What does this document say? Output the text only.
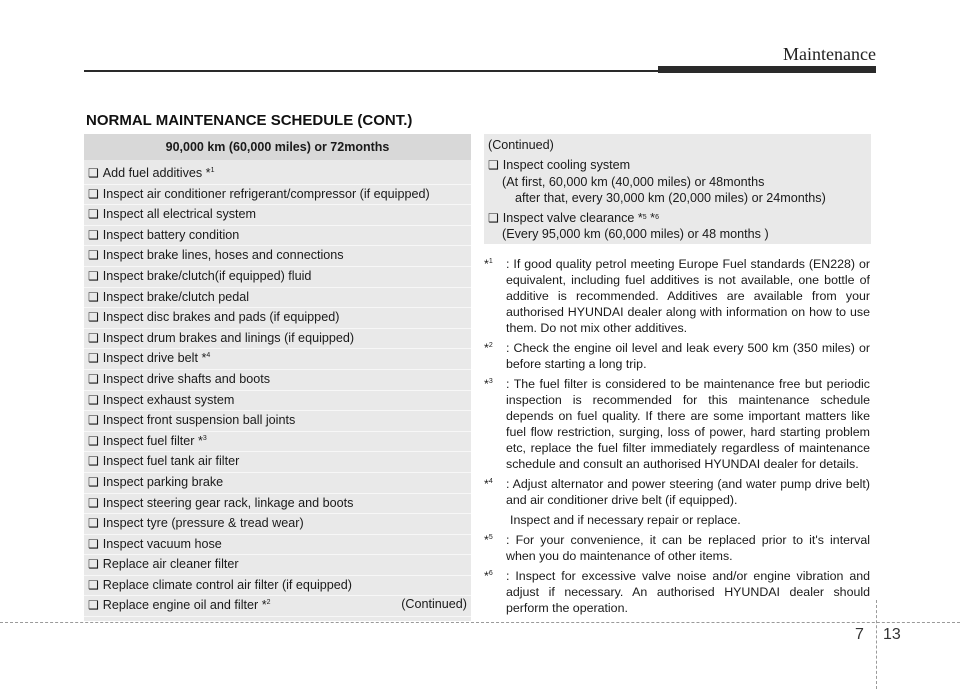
Maintenance
NORMAL MAINTENANCE SCHEDULE (CONT.)
90,000 km (60,000 miles) or 72months
❑ Add fuel additives *$^1$
❑ Inspect air conditioner refrigerant/compressor (if equipped)
❑ Inspect all electrical system
❑ Inspect battery condition
❑ Inspect brake lines, hoses and connections
❑ Inspect brake/clutch(if equipped) fluid
❑ Inspect brake/clutch pedal
❑ Inspect disc brakes and pads (if equipped)
❑ Inspect drum brakes and linings (if equipped)
❑ Inspect drive belt *$^4$
❑ Inspect drive shafts and boots
❑ Inspect exhaust system
❑ Inspect front suspension ball joints
❑ Inspect fuel filter *$^3$
❑ Inspect fuel tank air filter
❑ Inspect parking brake
❑ Inspect steering gear rack, linkage and boots
❑ Inspect tyre (pressure & tread wear)
❑ Inspect vacuum hose
❑ Replace air cleaner filter
❑ Replace climate control air filter (if equipped)
❑ Replace engine oil and filter *$^2$	(Continued)
(Continued)
❑ Inspect cooling system
(At first, 60,000 km (40,000 miles) or 48months
after that, every 30,000 km (20,000 miles) or 24months)
❑ Inspect valve clearance *$^5$ *$^6$
(Every 95,000 km (60,000 miles) or 48 months )
*$^1$ : If good quality petrol meeting Europe Fuel standards (EN228) or equivalent, including fuel additives is not available, one bottle of additive is recommended. Additives are available from your authorised HYUNDAI dealer along with information on how to use them. Do not mix other additives.
*$^2$ : Check the engine oil level and leak every 500 km (350 miles) or before starting a long trip.
*$^3$ : The fuel filter is considered to be maintenance free but periodic inspection is recommended for this maintenance schedule depends on fuel quality. If there are some important matters like fuel flow restriction, surging, loss of power, hard starting problem etc, replace the fuel filter immediately regardless of maintenance schedule and consult an authorised HYUNDAI dealer for details.
*$^4$ : Adjust alternator and power steering (and water pump drive belt) and air conditioner drive belt (if equipped).
Inspect and if necessary repair or replace.
*$^5$ : For your convenience, it can be replaced prior to it's interval when you do maintenance of other items.
*$^6$ : Inspect for excessive valve noise and/or engine vibration and adjust if necessary. An authorised HYUNDAI dealer should perform the operation.
7 13
